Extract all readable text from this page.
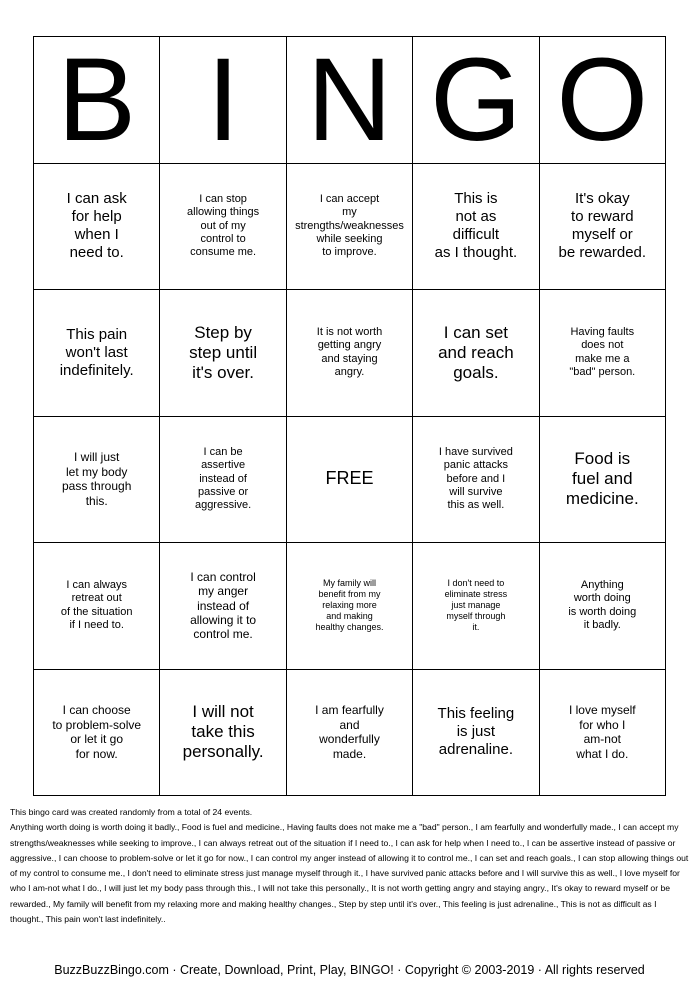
B I N G O
I can ask
for help
when I
need to.
I can stop
allowing things
out of my
control to
consume me.
I can accept
my
strengths/weaknesses
while seeking
to improve.
This is
not as
difficult
as I thought.
It's okay
to reward
myself or
be rewarded.
This pain
won't last
indefinitely.
Step by
step until
it's over.
It is not worth
getting angry
and staying
angry.
I can set
and reach
goals.
Having faults
does not
make me a
"bad" person.
I will just
let my body
pass through
this.
I can be
assertive
instead of
passive or
aggressive.
FREE
I have survived
panic attacks
before and I
will survive
this as well.
Food is
fuel and
medicine.
I can always
retreat out
of the situation
if I need to.
I can control
my anger
instead of
allowing it to
control me.
My family will
benefit from my
relaxing more
and making
healthy changes.
I don't need to
eliminate stress
just manage
myself through
it.
Anything
worth doing
is worth doing
it badly.
I can choose
to problem-solve
or let it go
for now.
I will not
take this
personally.
I am fearfully
and
wonderfully
made.
This feeling
is just
adrenaline.
I love myself
for who I
am-not
what I do.

This bingo card was created randomly from a total of 24 events.

Anything worth doing is worth doing it badly., Food is fuel and medicine., Having faults does not make me a "bad" person., I am fearfully and wonderfully made., I can accept my strengths/weaknesses while seeking to improve., I can always retreat out of the situation if I need to., I can ask for help when I need to., I can be assertive instead of passive or aggressive., I can choose to problem-solve or let it go for now., I can control my anger instead of allowing it to control me., I can set and reach goals., I can stop allowing things out of my control to consume me., I don't need to eliminate stress just manage myself through it., I have survived panic attacks before and I will survive this as well., I love myself for who I am-not what I do., I will just let my body pass through this., I will not take this personally., It is not worth getting angry and staying angry., It's okay to reward myself or be rewarded., My family will benefit from my relaxing more and making healthy changes., Step by step until it's over., This feeling is just adrenaline., This is not as difficult as I thought., This pain won't last indefinitely..

BuzzBuzzBingo.com · Create, Download, Print, Play, BINGO! · Copyright © 2003-2019 · All rights reserved
